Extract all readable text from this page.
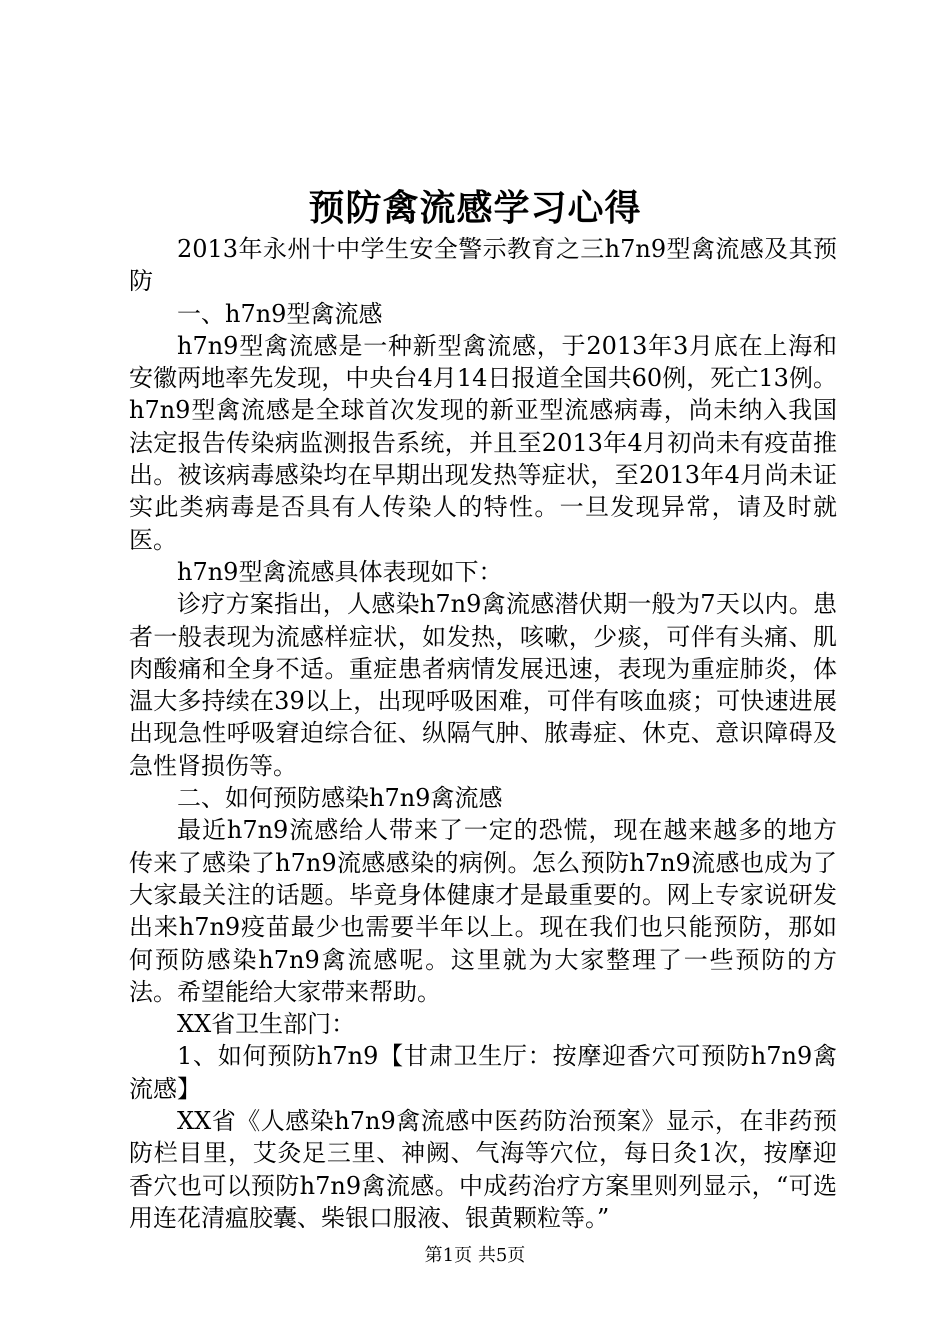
预防禽流感学习心得

2013年永州十中学生安全警示教育之三h7n9型禽流感及其预防

一、h7n9型禽流感

h7n9型禽流感是一种新型禽流感，于2013年3月底在上海和安徽两地率先发现，中央台4月14日报道全国共60例，死亡13例。h7n9型禽流感是全球首次发现的新亚型流感病毒，尚未纳入我国法定报告传染病监测报告系统，并且至2013年4月初尚未有疫苗推出。被该病毒感染均在早期出现发热等症状，至2013年4月尚未证实此类病毒是否具有人传染人的特性。一旦发现异常，请及时就医。

h7n9型禽流感具体表现如下：

诊疗方案指出，人感染h7n9禽流感潜伏期一般为7天以内。患者一般表现为流感样症状，如发热，咳嗽，少痰，可伴有头痛、肌肉酸痛和全身不适。重症患者病情发展迅速，表现为重症肺炎，体温大多持续在39以上，出现呼吸困难，可伴有咳血痰；可快速进展出现急性呼吸窘迫综合征、纵隔气肿、脓毒症、休克、意识障碍及急性肾损伤等。

二、如何预防感染h7n9禽流感

最近h7n9流感给人带来了一定的恐慌，现在越来越多的地方传来了感染了h7n9流感感染的病例。怎么预防h7n9流感也成为了大家最关注的话题。毕竟身体健康才是最重要的。网上专家说研发出来h7n9疫苗最少也需要半年以上。现在我们也只能预防，那如何预防感染h7n9禽流感呢。这里就为大家整理了一些预防的方法。希望能给大家带来帮助。

XX省卫生部门：

1、如何预防h7n9【甘肃卫生厅：按摩迎香穴可预防h7n9禽流感】

XX省《人感染h7n9禽流感中医药防治预案》显示，在非药预防栏目里，艾灸足三里、神阙、气海等穴位，每日灸1次，按摩迎香穴也可以预防h7n9禽流感。中成药治疗方案里则列显示，“可选用连花清瘟胶囊、柴银口服液、银黄颗粒等。”

第1页 共5页
